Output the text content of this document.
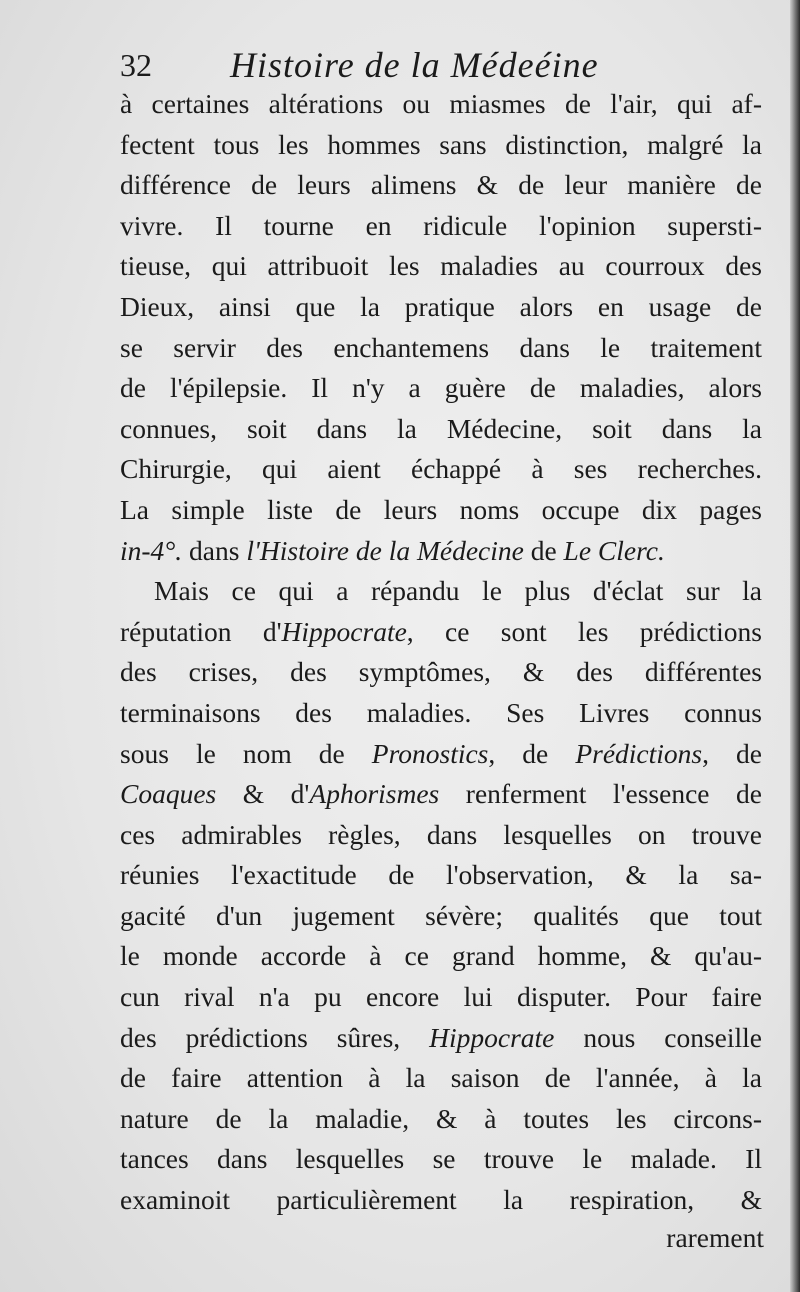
32 Histoire de la Médeéine
à certaines altérations ou miasmes de l'air, qui af-
fectent tous les hommes sans distinction, malgré la
différence de leurs alimens & de leur manière de
vivre. Il tourne en ridicule l'opinion supersti-
tieuse, qui attribuoit les maladies au courroux des
Dieux, ainsi que la pratique alors en usage de
se servir des enchantemens dans le traitement
de l'épilepsie. Il n'y a guère de maladies, alors
connues, soit dans la Médecine, soit dans la
Chirurgie, qui aient échappé à ses recherches.
La simple liste de leurs noms occupe dix pages
in-4°. dans l'Histoire de la Médecine de Le Clerc.
Mais ce qui a répandu le plus d'éclat sur la
réputation d'Hippocrate, ce sont les prédictions
des crises, des symptômes, & des différentes
terminaisons des maladies. Ses Livres connus
sous le nom de Pronostics, de Prédictions, de
Coaques & d'Aphorismes renferment l'essence de
ces admirables règles, dans lesquelles on trouve
réunies l'exactitude de l'observation, & la sa-
gacité d'un jugement sévère; qualités que tout
le monde accorde à ce grand homme, & qu'au-
cun rival n'a pu encore lui disputer. Pour faire
des prédictions sûres, Hippocrate nous conseille
de faire attention à la saison de l'année, à la
nature de la maladie, & à toutes les circons-
tances dans lesquelles se trouve le malade. Il
examinoit particulièrement la respiration, &
rarement
